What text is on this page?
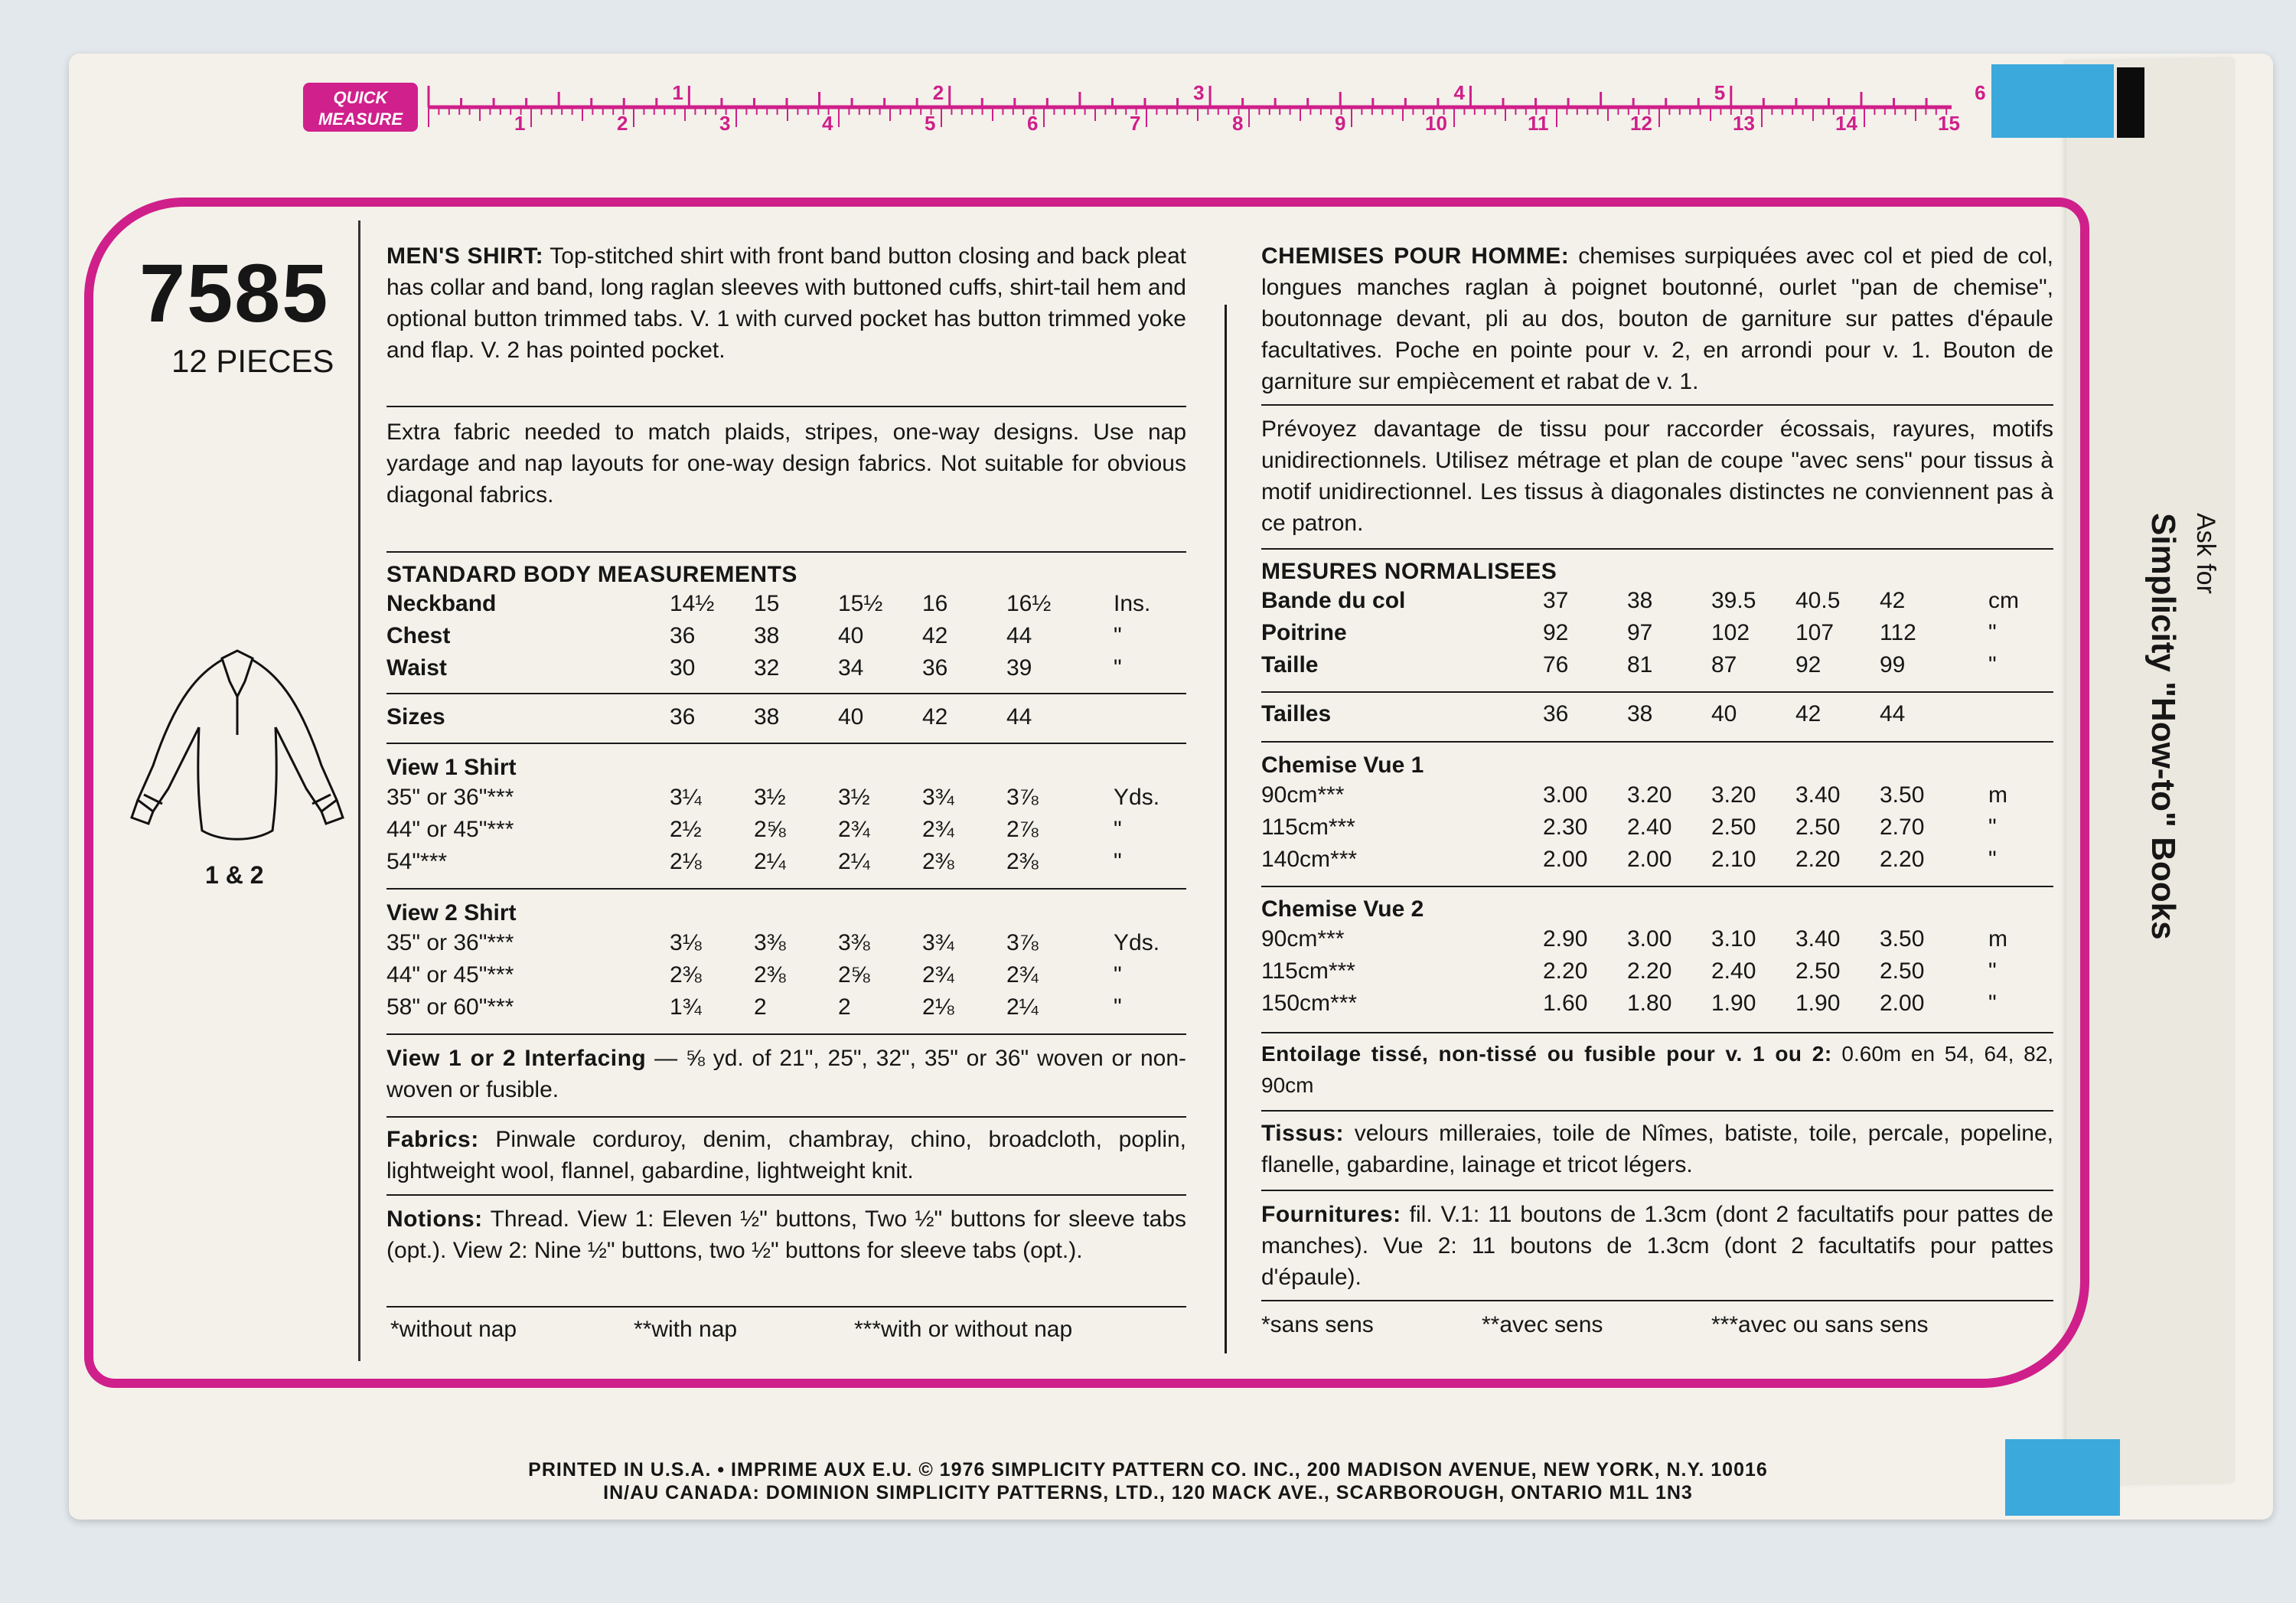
Ask for
Simplicity "How-to" Books
QUICK
MEASURE
1	2	3	4	5	6
1	2	3	4	5	6	7	8	9	10	11	12	13	14	15
7585
12 PIECES
1 & 2
MEN'S SHIRT: Top-stitched shirt with front band button closing and back pleat has collar and band, long raglan sleeves with buttoned cuffs, shirt-tail hem and optional button trimmed tabs. V. 1 with curved pocket has button trimmed yoke and flap. V. 2 has pointed pocket.
Extra fabric needed to match plaids, stripes, one-way designs. Use nap yardage and nap layouts for one-way design fabrics. Not suitable for obvious diagonal fabrics.
STANDARD BODY MEASUREMENTS
Neckband	14½ 15	15½ 16	16½	Ins.
Chest	36	38	40	42	44	"
Waist	30	32	34	36	39	"
Sizes	36	38	40	42	44
View 1 Shirt
35" or 36"***	3¼ 3½ 3½ 3¾ 3⅞	Yds.
44" or 45"***	2½ 2⅝ 2¾ 2¾ 2⅞	"
54"***	2⅛ 2¼ 2¼ 2⅜ 2⅜	"
View 2 Shirt
35" or 36"***	3⅛ 3⅜ 3⅜ 3¾ 3⅞	Yds.
44" or 45"***	2⅜ 2⅜ 2⅝ 2¾ 2¾	"
58" or 60"***	1¾ 2	2	2⅛ 2¼	"
View 1 or 2 Interfacing — ⅝ yd. of 21", 25", 32", 35" or 36" woven or non-woven or fusible.
Fabrics: Pinwale corduroy, denim, chambray, chino, broadcloth, poplin, lightweight wool, flannel, gabardine, lightweight knit.
Notions: Thread. View 1: Eleven ½" buttons, Two ½" buttons for sleeve tabs (opt.). View 2: Nine ½" buttons, two ½" buttons for sleeve tabs (opt.).
*without nap	**with nap	***with or without nap
CHEMISES POUR HOMME: chemises surpiquées avec col et pied de col, longues manches raglan à poignet boutonné, ourlet "pan de chemise", boutonnage devant, pli au dos, bouton de garniture sur pattes d'épaule facultatives. Poche en pointe pour v. 2, en arrondi pour v. 1. Bouton de garniture sur empiècement et rabat de v. 1.
Prévoyez davantage de tissu pour raccorder écossais, rayures, motifs unidirectionnels. Utilisez métrage et plan de coupe "avec sens" pour tissus à motif unidirectionnel. Les tissus à diagonales distinctes ne conviennent pas à ce patron.
MESURES NORMALISEES
Bande du col	37	38	39.5 40.5 42	cm
Poitrine	92	97	102 107 112	"
Taille	76	81	87	92	99	"
Tailles	36	38	40	42	44
Chemise Vue 1
90cm***	3.00 3.20 3.20 3.40 3.50	m
115cm***	2.30 2.40 2.50 2.50 2.70	"
140cm***	2.00 2.00 2.10 2.20 2.20	"
Chemise Vue 2
90cm***	2.90 3.00 3.10 3.40 3.50	m
115cm***	2.20 2.20 2.40 2.50 2.50	"
150cm***	1.60 1.80 1.90 1.90 2.00	"
Entoilage tissé, non-tissé ou fusible pour v. 1 ou 2: 0.60m en 54, 64, 82, 90cm
Tissus: velours milleraies, toile de Nîmes, batiste, toile, percale, popeline, flanelle, gabardine, lainage et tricot légers.
Fournitures: fil. V.1: 11 boutons de 1.3cm (dont 2 facultatifs pour pattes de manches). Vue 2: 11 boutons de 1.3cm (dont 2 facultatifs pour pattes d'épaule).
*sans sens	**avec sens	***avec ou sans sens
PRINTED IN U.S.A. • IMPRIME AUX E.U. © 1976 SIMPLICITY PATTERN CO. INC., 200 MADISON AVENUE, NEW YORK, N.Y. 10016
IN/AU CANADA: DOMINION SIMPLICITY PATTERNS, LTD., 120 MACK AVE., SCARBOROUGH, ONTARIO M1L 1N3
